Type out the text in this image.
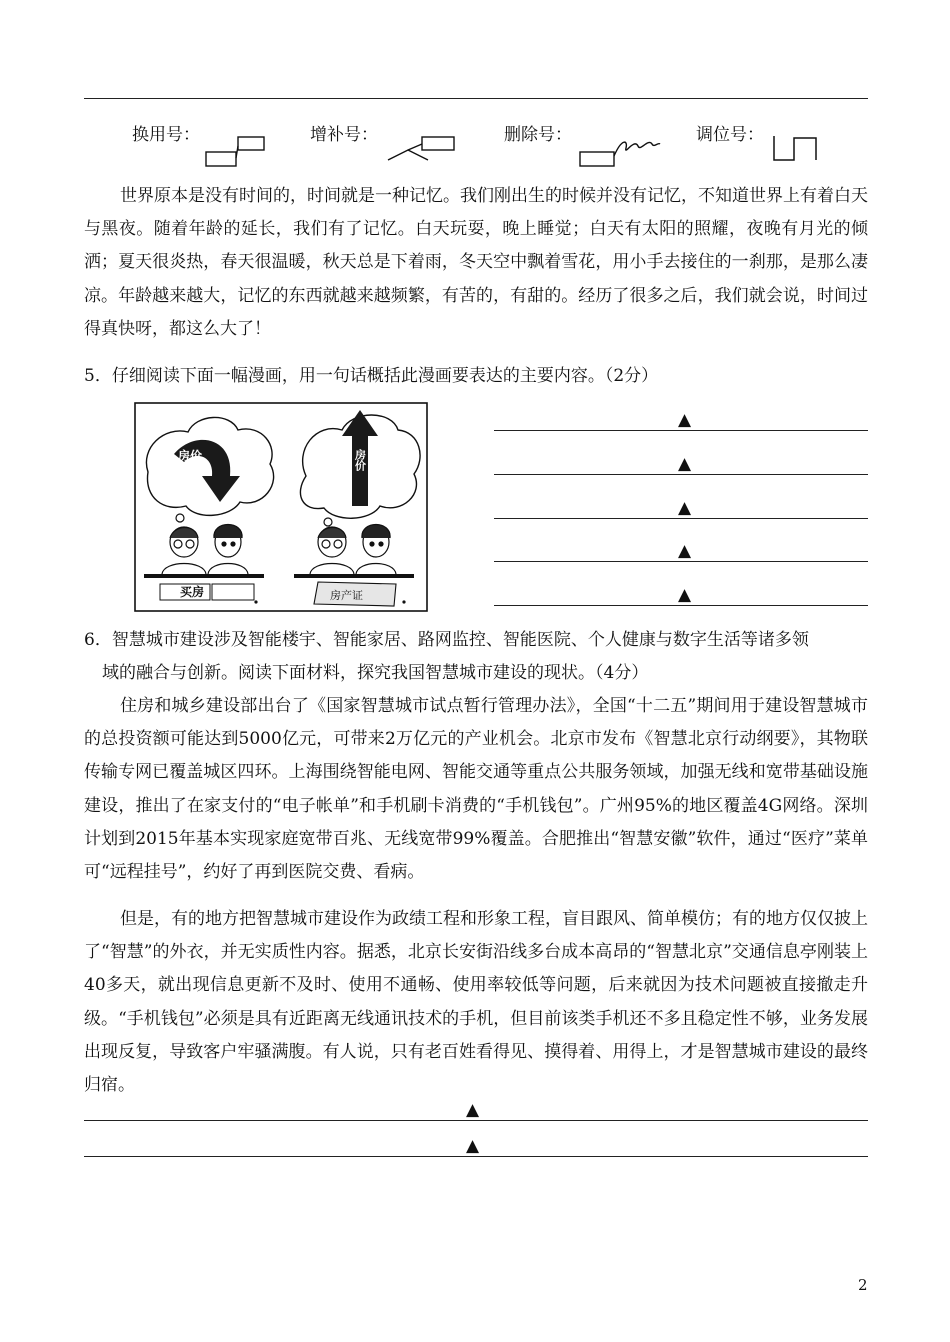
换用号：	增补号：	删除号：	调位号：

世界原本是没有时间的，时间就是一种记忆。我们刚出生的时候并没有记忆，不知道世界上有着白天与黑夜。随着年龄的延长，我们有了记忆。白天玩耍，晚上睡觉；白天有太阳的照耀，夜晚有月光的倾洒；夏天很炎热，春天很温暖，秋天总是下着雨，冬天空中飘着雪花，用小手去接住的一刹那，是那么凄凉。年龄越来越大，记忆的东西就越来越频繁，有苦的，有甜的。经历了很多之后，我们就会说，时间过得真快呀，都这么大了！

5．仔细阅读下面一幅漫画，用一句话概括此漫画要表达的主要内容。（2分）

房价	房价
买房	房产证
▲
▲
▲
▲
▲

6．智慧城市建设涉及智能楼宇、智能家居、路网监控、智能医院、个人健康与数字生活等诸多领

域的融合与创新。阅读下面材料，探究我国智慧城市建设的现状。（4分）

住房和城乡建设部出台了《国家智慧城市试点暂行管理办法》，全国“十二五”期间用于建设智慧城市的总投资额可能达到5000亿元，可带来2万亿元的产业机会。北京市发布《智慧北京行动纲要》，其物联传输专网已覆盖城区四环。上海围绕智能电网、智能交通等重点公共服务领域，加强无线和宽带基础设施建设，推出了在家支付的“电子帐单”和手机刷卡消费的“手机钱包”。广州95%的地区覆盖4G网络。深圳计划到2015年基本实现家庭宽带百兆、无线宽带99%覆盖。合肥推出“智慧安徽”软件，通过“医疗”菜单可“远程挂号”，约好了再到医院交费、看病。

但是，有的地方把智慧城市建设作为政绩工程和形象工程，盲目跟风、简单模仿；有的地方仅仅披上了“智慧”的外衣，并无实质性内容。据悉，北京长安街沿线多台成本高昂的“智慧北京”交通信息亭刚装上40多天，就出现信息更新不及时、使用不通畅、使用率较低等问题，后来就因为技术问题被直接撤走升级。“手机钱包”必须是具有近距离无线通讯技术的手机，但目前该类手机还不多且稳定性不够，业务发展出现反复，导致客户牢骚满腹。有人说，只有老百姓看得见、摸得着、用得上，才是智慧城市建设的最终归宿。

▲
▲
2
